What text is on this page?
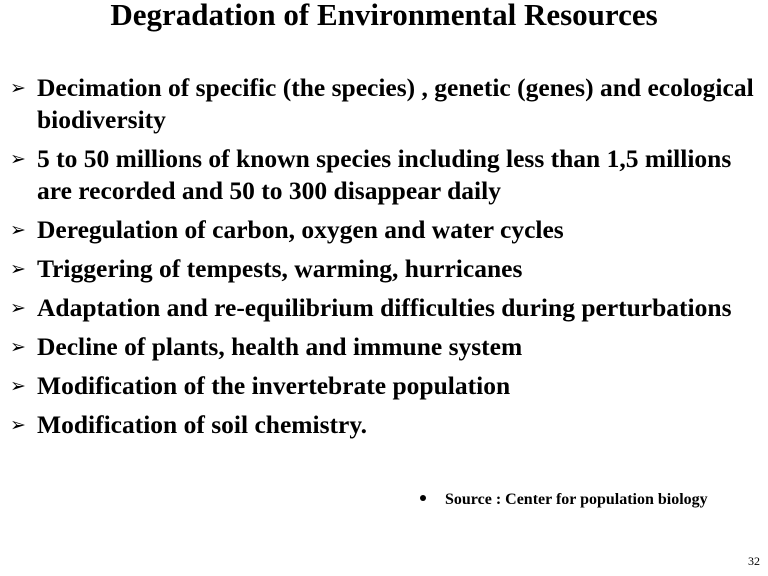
Degradation of Environmental Resources
➢ Decimation of specific (the species) , genetic (genes) and ecological biodiversity
➢ 5 to 50 millions of known species including less than 1,5 millions are recorded and 50 to 300 disappear daily
➢ Deregulation of carbon, oxygen and water cycles
➢ Triggering of tempests, warming, hurricanes
➢ Adaptation and re-equilibrium difficulties during perturbations
➢ Decline of plants, health and immune system
➢ Modification of the invertebrate population
➢ Modification of soil chemistry.
Source : Center for population biology
32
